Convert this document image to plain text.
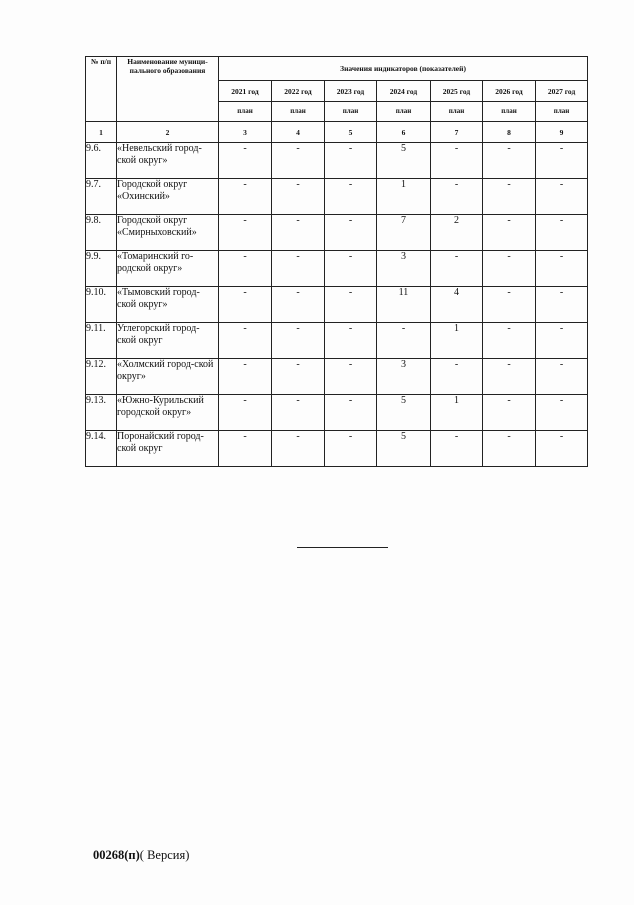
№ п/п	Наименование муници-пального образования	Значения индикаторов (показателей)						
		2021 год	2022 год	2023 год	2024 год	2025 год	2026 год	2027 год
		план	план	план	план	план	план	план
1	2	3	4	5	6	7	8	9
9.6.	«Невельский город-ской округ»	-	-	-	5	-	-	-
9.7.	Городской округ «Охинский»	-	-	-	1	-	-	-
9.8.	Городской округ «Смирныховский»	-	-	-	7	2	-	-
9.9.	«Томаринский го-родской округ»	-	-	-	3	-	-	-
9.10.	«Тымовский город-ской округ»	-	-	-	11	4	-	-
9.11.	Углегорский город-ской округ	-	-	-	-	1	-	-
9.12.	«Холмский город-ской округ»	-	-	-	3	-	-	-
9.13.	«Южно-Курильский городской округ»	-	-	-	5	1	-	-
9.14.	Поронайский город-ской округ	-	-	-	5	-	-	-
00268(п)( Версия)
